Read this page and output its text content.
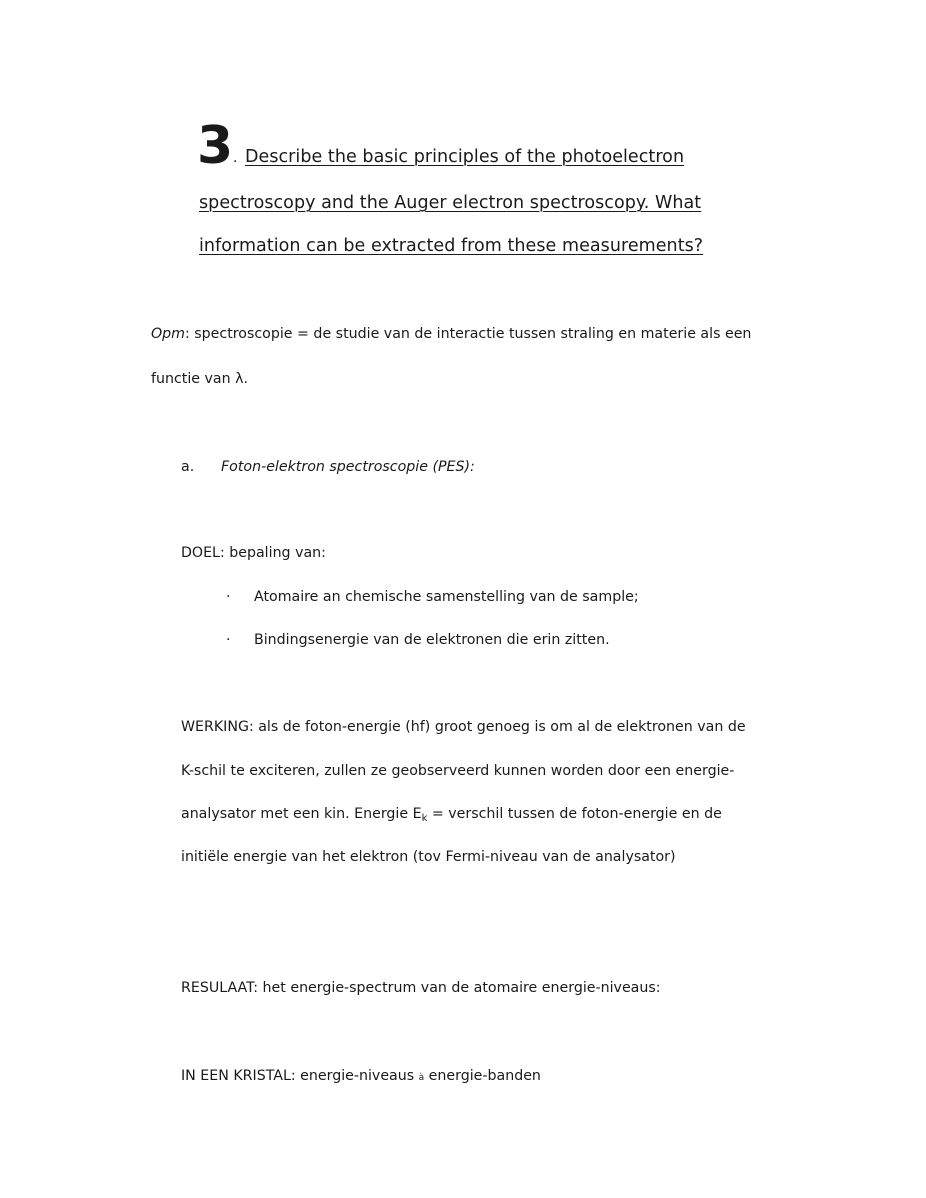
3 . Describe the basic principles of the photoelectron
spectroscopy and the Auger electron spectroscopy. What
information can be extracted from these measurements?
Opm: spectroscopie = de studie van de interactie tussen straling en materie als een
functie van λ.
a. Foton-elektron spectroscopie (PES):
DOEL: bepaling van:
· Atomaire an chemische samenstelling van de sample;
· Bindingsenergie van de elektronen die erin zitten.
WERKING: als de foton-energie (hf) groot genoeg is om al de elektronen van de
K-schil te exciteren, zullen ze geobserveerd kunnen worden door een energie-
analysator met een kin. Energie $E_k$ = verschil tussen de foton-energie en de
initiële energie van het elektron (tov Fermi-niveau van de analysator)
RESULAAT: het energie-spectrum van de atomaire energie-niveaus:
IN EEN KRISTAL: energie-niveaus à energie-banden
